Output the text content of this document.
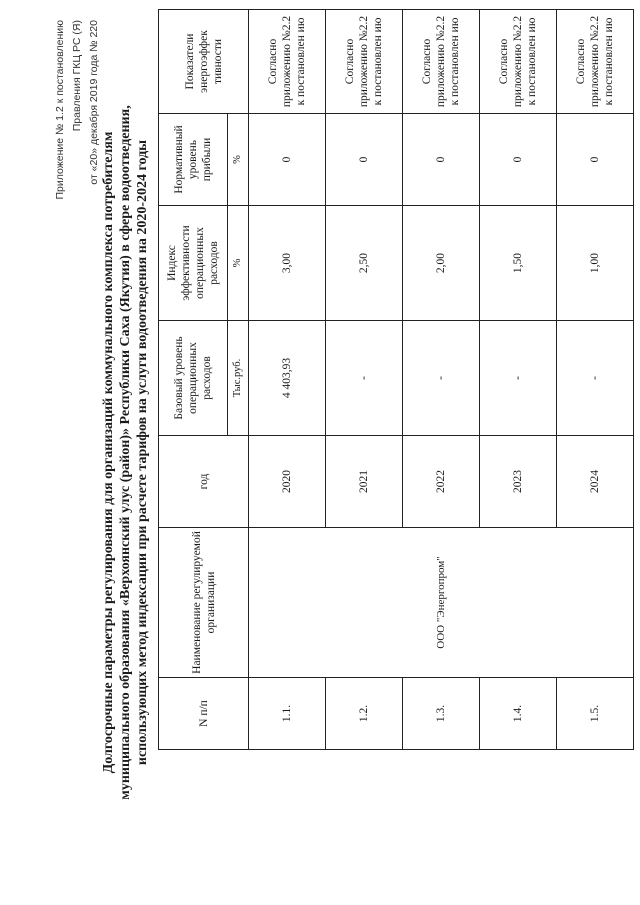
Приложение № 1.2 к постановлению Правления ГКЦ РС (Я) от «20» декабря 2019 года № 220
Долгосрочные параметры регулирования для организаций коммунального комплекса потребителям муниципального образования «Верхоянский улус (район)» Республики Саха (Якутия) в сфере водоотведения, использующих метод индексации при расчете тарифов на услуги водоотведения на 2020-2024 годы	N п/п	Наименование регулируемой организации	год	Базовый уровень операционных расходов	Индекс эффективности операционных расходов	Нормативный уровень прибыли	Показатели энергоэффек тивности
			Тыс.руб.	%	%	
1.1.	ООО "Энергопром"	2020	4 403,93	3,00	0	Согласно приложению №2.2 к постановлен ию
1.2.		2021	-	2,50	0	Согласно приложению №2.2 к постановлен ию
1.3.		2022	-	2,00	0	Согласно приложению №2.2 к постановлен ию
1.4.		2023	-	1,50	0	Согласно приложению №2.2 к постановлен ию
1.5.		2024	-	1,00	0	Согласно приложению №2.2 к постановлен ию
